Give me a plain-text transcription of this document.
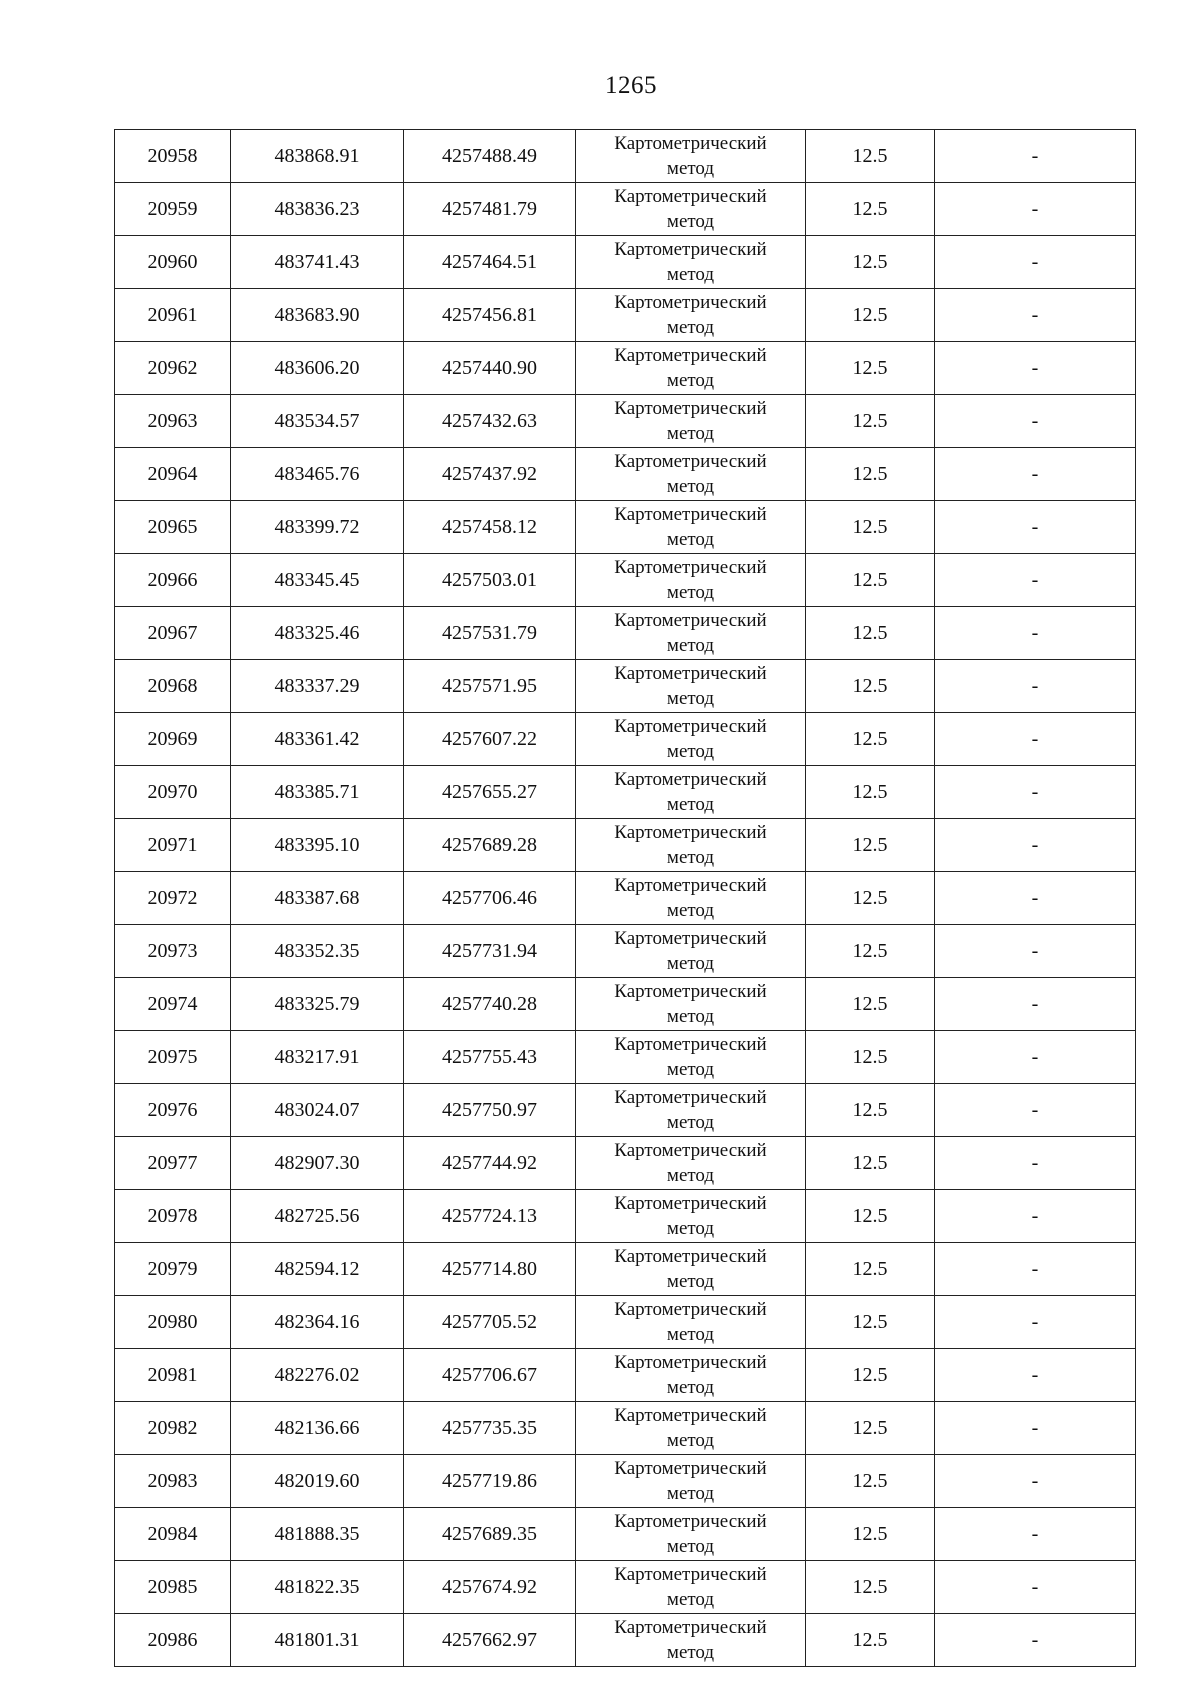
1265
20958	483868.91	4257488.49	Картометрический
метод	12.5	-
20959	483836.23	4257481.79	Картометрический
метод	12.5	-
20960	483741.43	4257464.51	Картометрический
метод	12.5	-
20961	483683.90	4257456.81	Картометрический
метод	12.5	-
20962	483606.20	4257440.90	Картометрический
метод	12.5	-
20963	483534.57	4257432.63	Картометрический
метод	12.5	-
20964	483465.76	4257437.92	Картометрический
метод	12.5	-
20965	483399.72	4257458.12	Картометрический
метод	12.5	-
20966	483345.45	4257503.01	Картометрический
метод	12.5	-
20967	483325.46	4257531.79	Картометрический
метод	12.5	-
20968	483337.29	4257571.95	Картометрический
метод	12.5	-
20969	483361.42	4257607.22	Картометрический
метод	12.5	-
20970	483385.71	4257655.27	Картометрический
метод	12.5	-
20971	483395.10	4257689.28	Картометрический
метод	12.5	-
20972	483387.68	4257706.46	Картометрический
метод	12.5	-
20973	483352.35	4257731.94	Картометрический
метод	12.5	-
20974	483325.79	4257740.28	Картометрический
метод	12.5	-
20975	483217.91	4257755.43	Картометрический
метод	12.5	-
20976	483024.07	4257750.97	Картометрический
метод	12.5	-
20977	482907.30	4257744.92	Картометрический
метод	12.5	-
20978	482725.56	4257724.13	Картометрический
метод	12.5	-
20979	482594.12	4257714.80	Картометрический
метод	12.5	-
20980	482364.16	4257705.52	Картометрический
метод	12.5	-
20981	482276.02	4257706.67	Картометрический
метод	12.5	-
20982	482136.66	4257735.35	Картометрический
метод	12.5	-
20983	482019.60	4257719.86	Картометрический
метод	12.5	-
20984	481888.35	4257689.35	Картометрический
метод	12.5	-
20985	481822.35	4257674.92	Картометрический
метод	12.5	-
20986	481801.31	4257662.97	Картометрический
метод	12.5	-
